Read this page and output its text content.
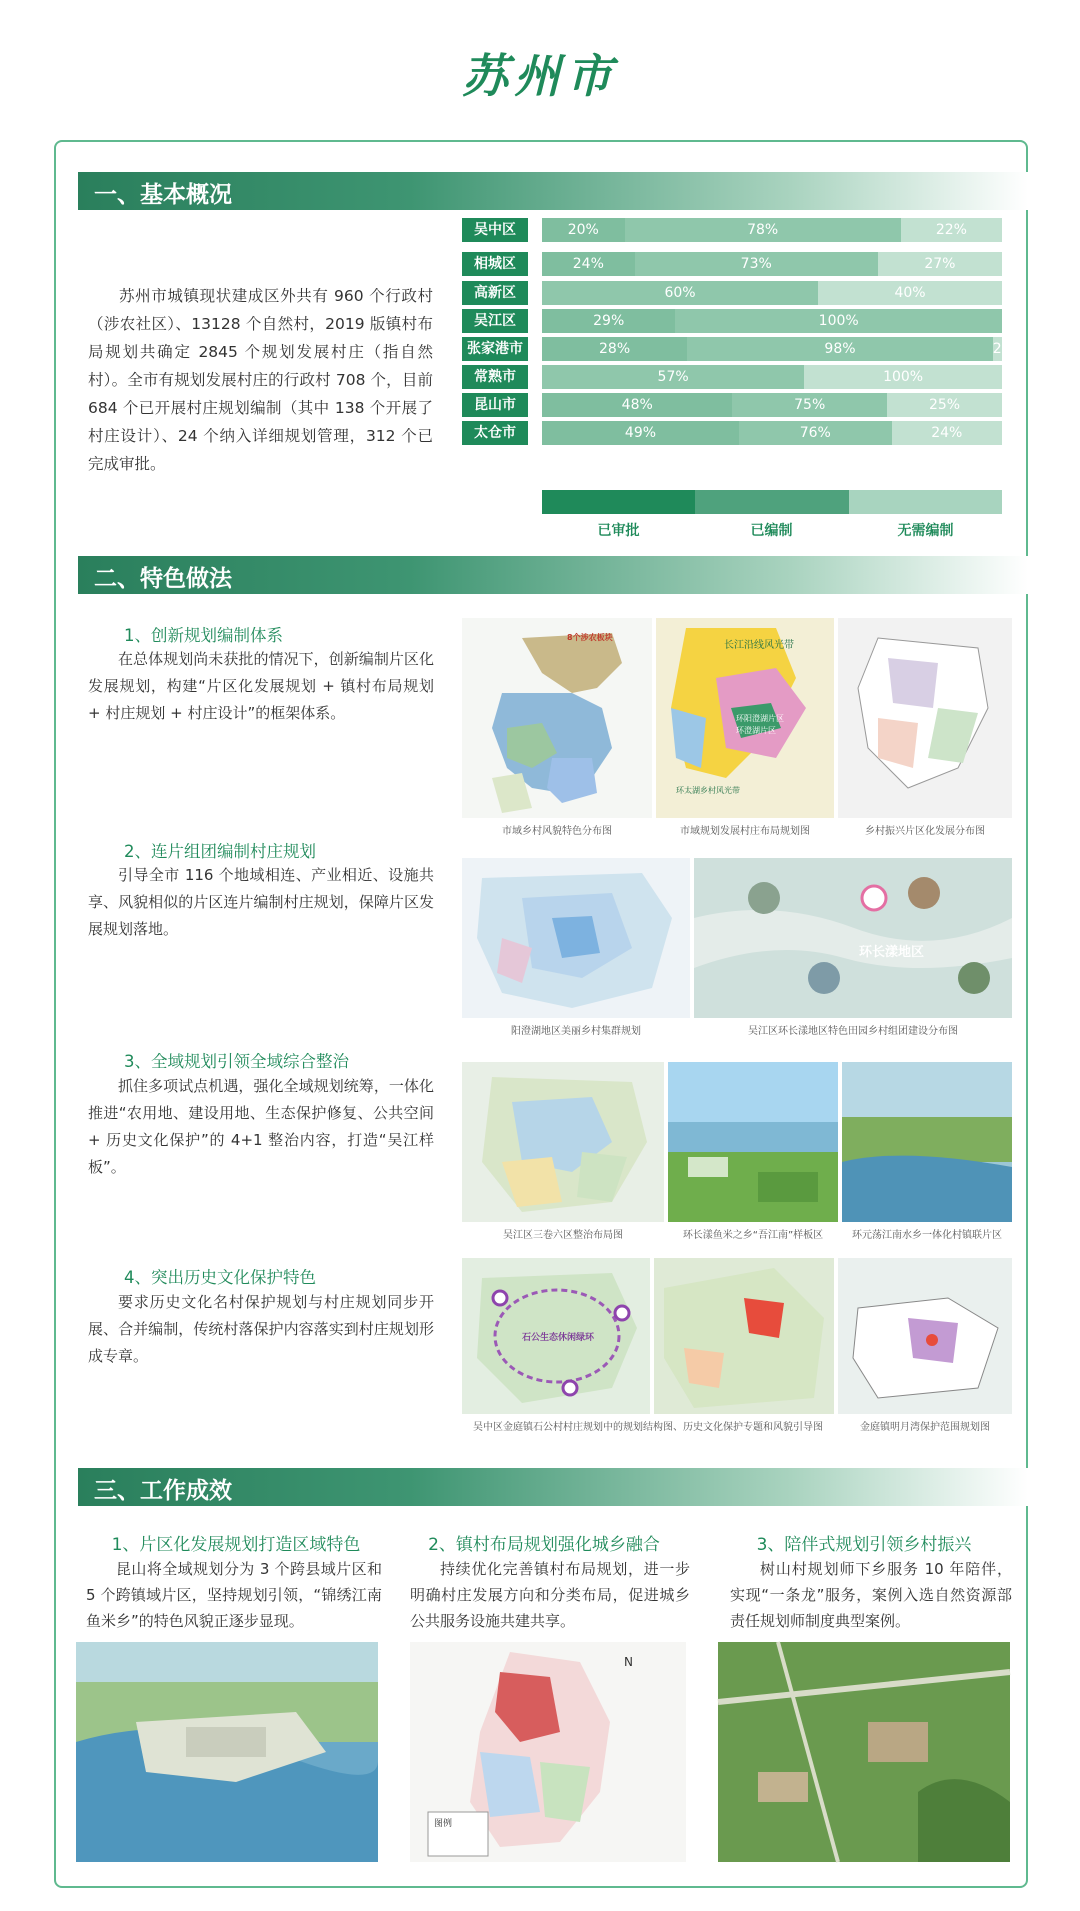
苏州市
一、基本概况

苏州市城镇现状建成区外共有 960 个行政村（涉农社区）、13128 个自然村，2019 版镇村布局规划共确定 2845 个规划发展村庄（指自然村）。全市有规划发展村庄的行政村 708 个，目前 684 个已开展村庄规划编制（其中 138 个开展了村庄设计）、24 个纳入详细规划管理，312 个已完成审批。

吴中区	20%	78%	22%
相城区	24%	73%	27%
高新区	60%	40%
吴江区	29%	100%
张家港市	28%	98%	2%
常熟市	57%	100%
昆山市	48%	75%	25%
太仓市	49%	76%	24%
已审批	已编制	无需编制
二、特色做法
1、创新规划编制体系

在总体规划尚未获批的情况下，创新编制片区化发展规划，构建“片区化发展规划 + 镇村布局规划 + 村庄规划 + 村庄设计”的框架体系。

8个涉农板块
市域乡村风貌特色分布图
长江沿线风光带
环阳澄湖片区
环澄湖片区
环太湖乡村风光带
市域规划发展村庄布局规划图	乡村振兴片区化发展分布图
2、连片组团编制村庄规划

引导全市 116 个地域相连、产业相近、设施共享、风貌相似的片区连片编制村庄规划，保障片区发展规划落地。

阳澄湖地区美丽乡村集群规划
环长漾地区
吴江区环长漾地区特色田园乡村组团建设分布图
3、全域规划引领全域综合整治

抓住多项试点机遇，强化全域规划统筹，一体化推进“农用地、建设用地、生态保护修复、公共空间 + 历史文化保护”的 4+1 整治内容，打造“吴江样板”。

吴江区三卷六区整治布局图	环长漾鱼米之乡“吾江南”样板区	环元荡江南水乡一体化村镇联片区
4、突出历史文化保护特色

要求历史文化名村保护规划与村庄规划同步开展、合并编制，传统村落保护内容落实到村庄规划形成专章。

石公生态休闲绿环
吴中区金庭镇石公村村庄规划中的规划结构图、历史文化保护专题和风貌引导图	金庭镇明月湾保护范围规划图
三、工作成效
1、片区化发展规划打造区域特色

昆山将全域规划分为 3 个跨县域片区和 5 个跨镇域片区，坚持规划引领，“锦绣江南鱼米乡”的特色风貌正逐步显现。

2、镇村布局规划强化城乡融合

持续优化完善镇村布局规划，进一步明确村庄发展方向和分类布局，促进城乡公共服务设施共建共享。

3、陪伴式规划引领乡村振兴

树山村规划师下乡服务 10 年陪伴，实现“一条龙”服务，案例入选自然资源部责任规划师制度典型案例。

图例
N
